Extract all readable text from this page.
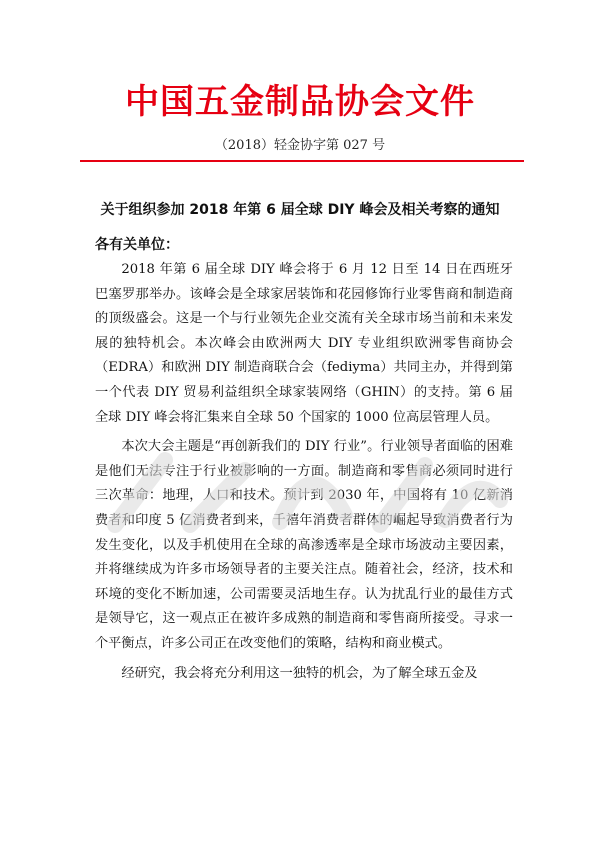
中国五金制品协会文件
（2018）轻金协字第 027 号
关于组织参加 2018 年第 6 届全球 DIY 峰会及相关考察的通知
各有关单位：

2018 年第 6 届全球 DIY 峰会将于 6 月 12 日至 14 日在西班牙巴塞罗那举办。该峰会是全球家居装饰和花园修饰行业零售商和制造商的顶级盛会。这是一个与行业领先企业交流有关全球市场当前和未来发展的独特机会。本次峰会由欧洲两大 DIY 专业组织欧洲零售商协会（EDRA）和欧洲 DIY 制造商联合会（fediyma）共同主办，并得到第一个代表 DIY 贸易利益组织全球家装网络（GHIN）的支持。第 6 届全球 DIY 峰会将汇集来自全球 50 个国家的 1000 位高层管理人员。

本次大会主题是“再创新我们的 DIY 行业”。行业领导者面临的困难是他们无法专注于行业被影响的一方面。制造商和零售商必须同时进行三次革命：地理，人口和技术。预计到 2030 年，中国将有 10 亿新消费者和印度 5 亿消费者到来，千禧年消费者群体的崛起导致消费者行为发生变化，以及手机使用在全球的高渗透率是全球市场波动主要因素，并将继续成为许多市场领导者的主要关注点。随着社会，经济，技术和环境的变化不断加速，公司需要灵活地生存。认为扰乱行业的最佳方式是领导它，这一观点正在被许多成熟的制造商和零售商所接受。寻求一个平衡点，许多公司正在改变他们的策略，结构和商业模式。

经研究，我会将充分利用这一独特的机会，为了解全球五金及
